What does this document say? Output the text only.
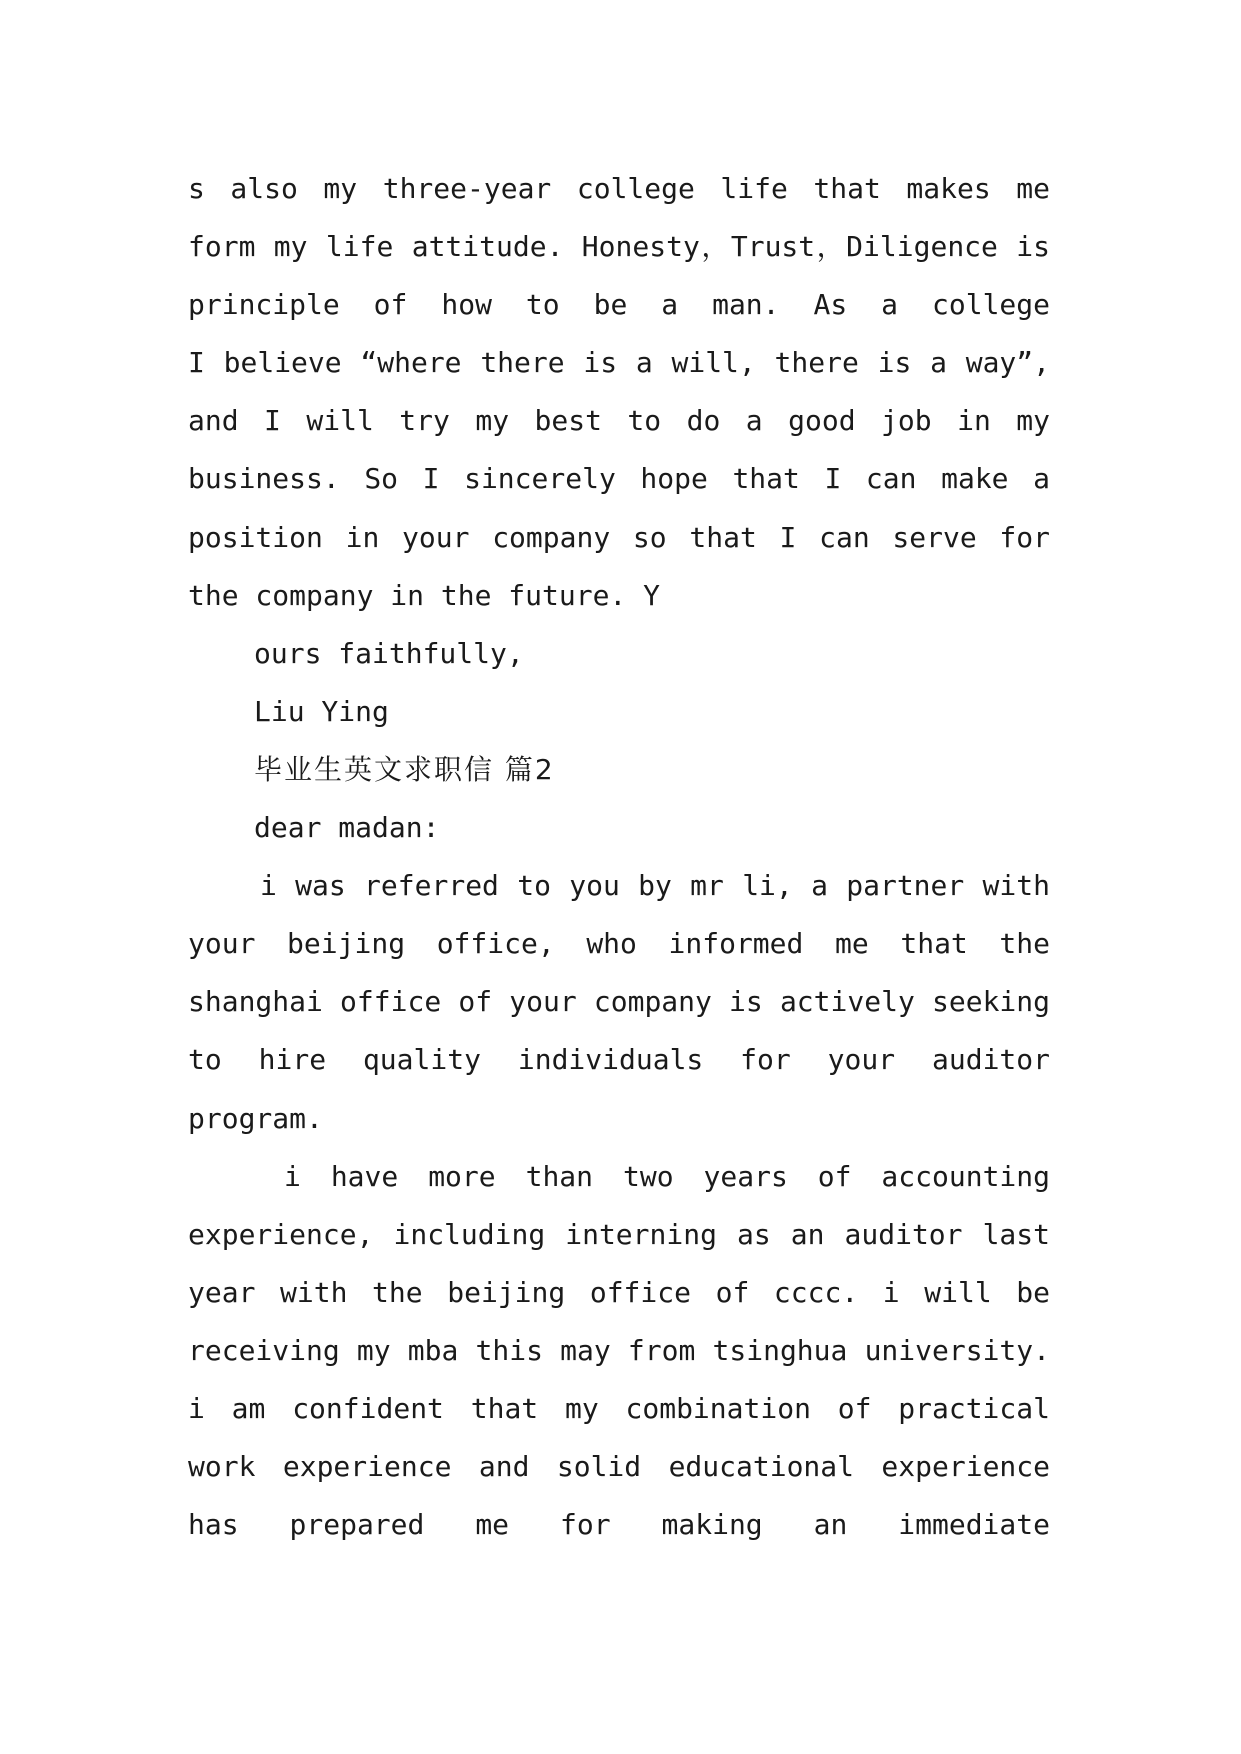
s also my three-year college life that makes me
form my life attitude. Honesty，Trust，Diligence is
principle of how to be a man. As a college
I believe “where there is a will, there is a way”,
and I will try my best to do a good job in my
business. So I sincerely hope that I can make a
position in your company so that I can serve for
the company in the future. Y
ours faithfully,
Liu Ying
毕业生英文求职信 篇2
dear madan:
i was referred to you by mr li, a partner with
your beijing office, who informed me that the
shanghai office of your company is actively seeking
to hire quality individuals for your auditor
program.
i have more than two years of accounting
experience, including interning as an auditor last
year with the beijing office of cccc. i will be
receiving my mba this may from tsinghua university.
i am confident that my combination of practical
work experience and solid educational experience
has prepared me for making an immediate
